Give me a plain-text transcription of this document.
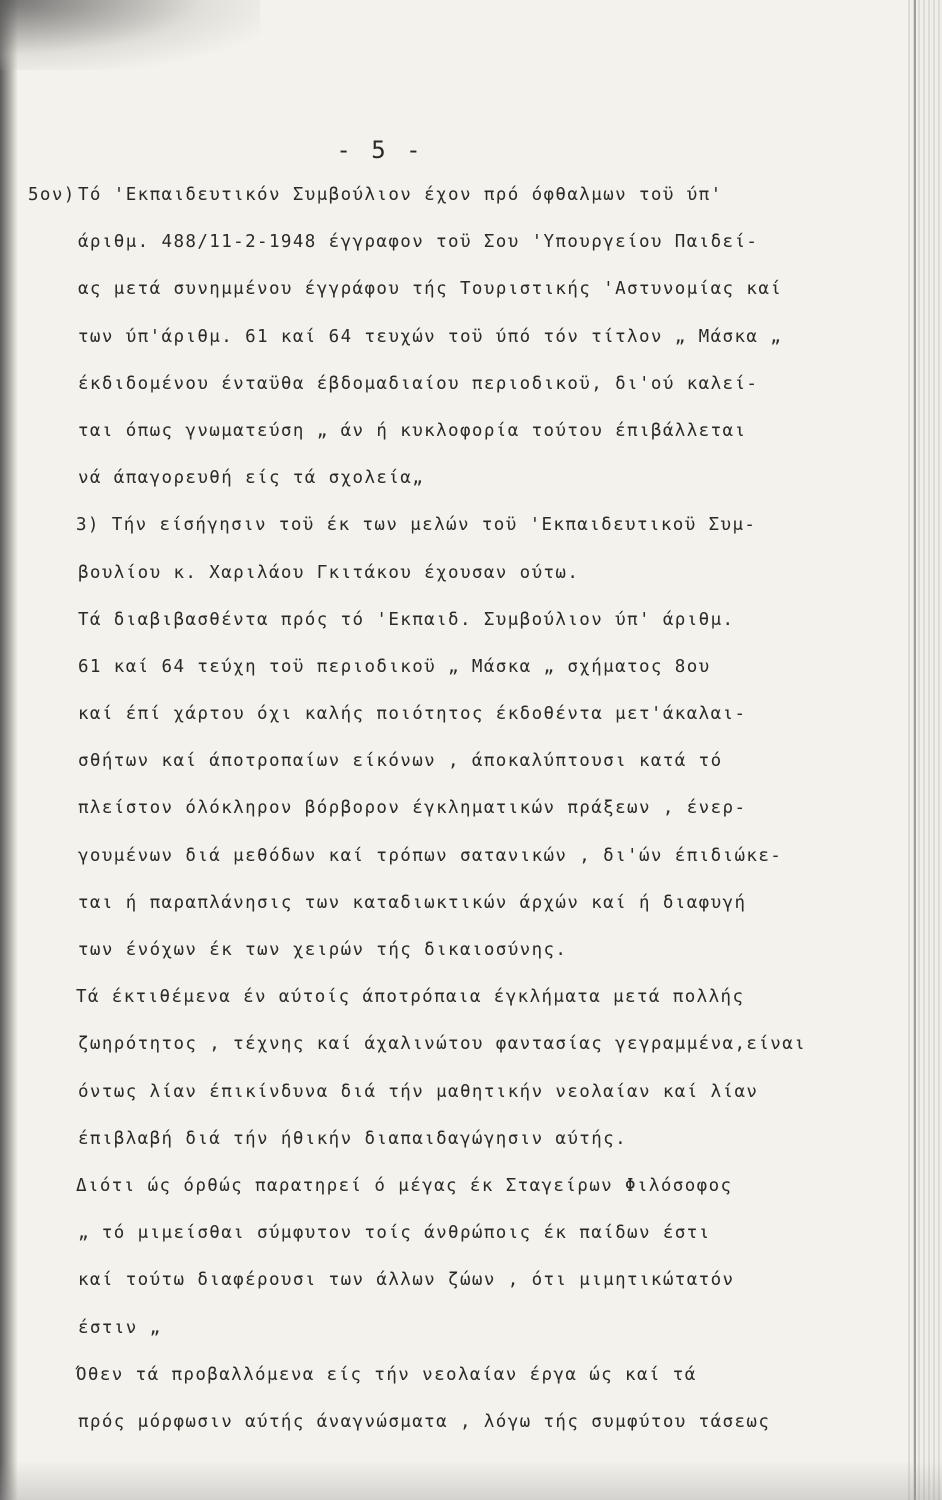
- 5 -
5ον) Τό 'Εκπαιδευτικόν Συμβούλιον έχον πρό όφθαλμων τοϋ ύπ'
άριθμ. 488/11-2-1948 έγγραφον τοϋ Σου 'Υπουργείου Παιδεί-
ας μετά συνημμένου έγγράφου τής Τουριστικής 'Αστυνομίας καί
των ύπ'άριθμ. 61 καί 64 τευχών τοϋ ύπό τόν τίτλον „ Μάσκα „
έκδιδομένου ένταϋθα έβδομαδιαίου περιοδικοϋ, δι'ού καλεί-
ται όπως γνωματεύση „ άν ή κυκλοφορία τούτου έπιβάλλεται
νά άπαγορευθή είς τά σχολεία„
3) Τήν είσήγησιν τοϋ έκ των μελών τοϋ 'Εκπαιδευτικοϋ Συμ-
βουλίου κ. Χαριλάου Γκιτάκου έχουσαν ούτω.
Τά διαβιβασθέντα πρός τό 'Εκπαιδ. Συμβούλιον ύπ' άριθμ.
61 καί 64 τεύχη τοϋ περιοδικοϋ „ Μάσκα „ σχήματος 8ου
καί έπί χάρτου όχι καλής ποιότητος έκδοθέντα μετ'άκαλαι-
σθήτων καί άποτροπαίων είκόνων , άποκαλύπτουσι κατά τό
πλείστον όλόκληρον βόρβορον έγκληματικών πράξεων , ένερ-
γουμένων διά μεθόδων καί τρόπων σατανικών , δι'ών έπιδιώκε-
ται ή παραπλάνησις των καταδιωκτικών άρχών καί ή διαφυγή
των ένόχων έκ των χειρών τής δικαιοσύνης.
Τά έκτιθέμενα έν αύτοίς άποτρόπαια έγκλήματα μετά πολλής
ζωηρότητος , τέχνης καί άχαλινώτου φαντασίας γεγραμμένα,είναι
όντως λίαν έπικίνδυνα διά τήν μαθητικήν νεολαίαν καί λίαν
έπιβλαβή διά τήν ήθικήν διαπαιδαγώγησιν αύτής.
Διότι ώς όρθώς παρατηρεί ό μέγας έκ Σταγείρων Φιλόσοφος
„ τό μιμείσθαι σύμφυτον τοίς άνθρώποις έκ παίδων έστι
καί τούτω διαφέρουσι των άλλων ζώων , ότι μιμητικώτατόν
έστιν „
Όθεν τά προβαλλόμενα είς τήν νεολαίαν έργα ώς καί τά
πρός μόρφωσιν αύτής άναγνώσματα , λόγω τής συμφύτου τάσεως
